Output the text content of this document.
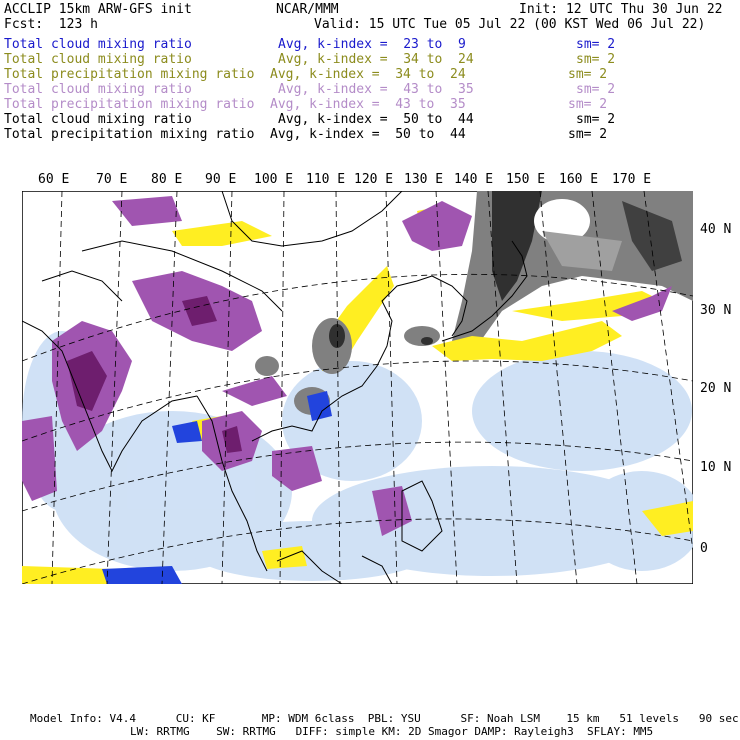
ACCLIP 15km ARW-GFS init	NCAR/MMM	Init: 12 UTC Thu 30 Jun 22
Fcst:  123 h	Valid: 15 UTC Tue 05 Jul 22 (00 KST Wed 06 Jul 22)
Total cloud mixing ratio	Avg, k-index =  23 to  9	sm= 2
Total cloud mixing ratio	Avg, k-index =  34 to  24	sm= 2
Total precipitation mixing ratio Avg, k-index =  34 to  24	sm= 2
Total cloud mixing ratio	Avg, k-index =  43 to  35	sm= 2
Total precipitation mixing ratio Avg, k-index =  43 to  35	sm= 2
Total cloud mixing ratio	Avg, k-index =  50 to  44	sm= 2
Total precipitation mixing ratio Avg, k-index =  50 to  44	sm= 2
60 E 70 E 80 E 90 E 100 E 110 E 120 E 130 E 140 E 150 E 160 E 170 E
40 N
30 N
20 N
10 N
0
Model Info: V4.4      CU: KF       MP: WDM 6class  PBL: YSU      SF: Noah LSM    15 km   51 levels   90 sec
LW: RRTMG    SW: RRTMG   DIFF: simple KM: 2D Smagor DAMP: Rayleigh3  SFLAY: MM5
